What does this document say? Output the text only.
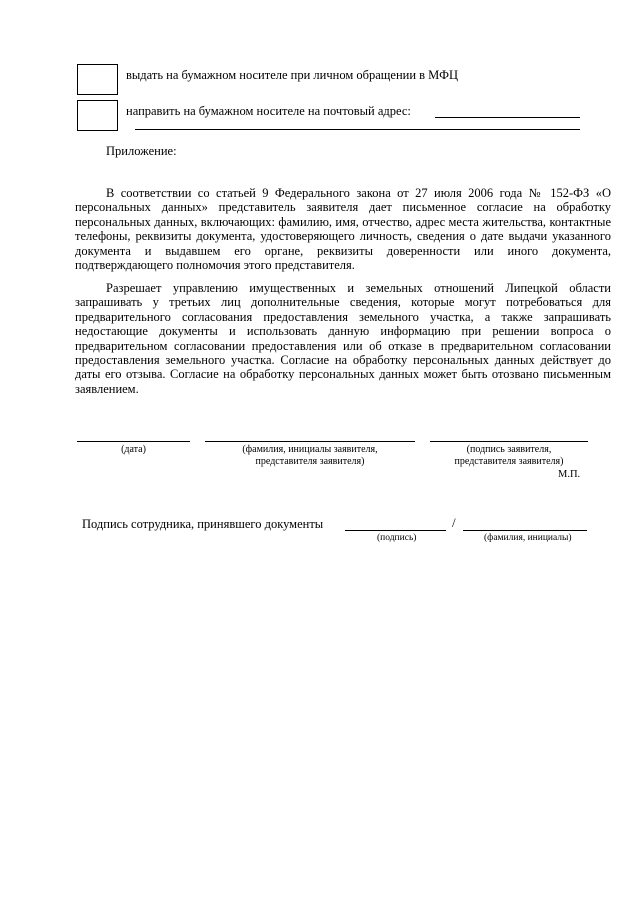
выдать на бумажном носителе при личном обращении в МФЦ
направить на бумажном носителе на почтовый адрес:
Приложение:

В соответствии со статьей 9 Федерального закона от 27 июля 2006 года № 152-ФЗ «О персональных данных» представитель заявителя дает письменное согласие на обработку персональных данных, включающих: фамилию, имя, отчество, адрес места жительства, контактные телефоны, реквизиты документа, удостоверяющего личность, сведения о дате выдачи указанного документа и выдавшем его органе, реквизиты доверенности или иного документа, подтверждающего полномочия этого представителя.

Разрешает управлению имущественных и земельных отношений Липецкой области запрашивать у третьих лиц дополнительные сведения, которые могут потребоваться для предварительного согласования предоставления земельного участка, а также запрашивать недостающие документы и использовать данную информацию при решении вопроса о предварительном согласовании предоставления или об отказе в предварительном согласовании предоставления земельного участка. Согласие на обработку персональных данных действует до даты его отзыва. Согласие на обработку персональных данных может быть отозвано письменным заявлением.

(дата)	(фамилия, инициалы заявителя,
представителя заявителя)
(подпись заявителя,
представителя заявителя)
М.П.
Подпись сотрудника, принявшего документы	/
(подпись)	(фамилия, инициалы)
